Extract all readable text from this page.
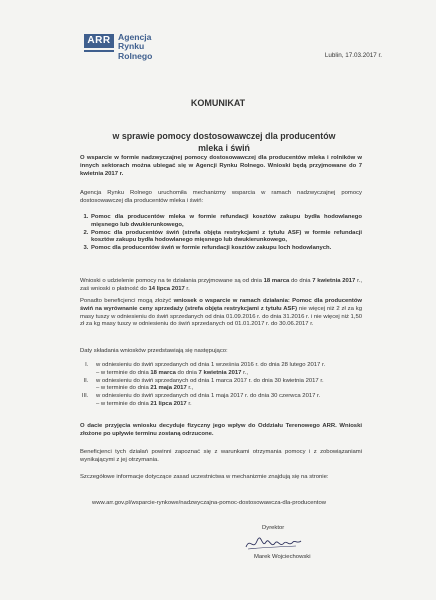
ARR Agencja
Rynku
Rolnego	Lublin, 17.03.2017 r.
KOMUNIKAT
w sprawie pomocy dostosowawczej dla producentów mleka i świń
O wsparcie w formie nadzwyczajnej pomocy dostosowawczej dla producentów mleka i rolników w innych sektorach można ubiegać się w Agencji Rynku Rolnego. Wnioski będą przyjmowane do 7 kwietnia 2017 r.
Agencja Rynku Rolnego uruchomiła mechanizmy wsparcia w ramach nadzwyczajnej pomocy dostosowawczej dla producentów mleka i świń:
1. Pomoc dla producentów mleka w formie refundacji kosztów zakupu bydła hodowlanego mięsnego lub dwukierunkowego,
2. Pomoc dla producentów świń (strefa objęta restrykcjami z tytułu ASF) w formie refundacji kosztów zakupu bydła hodowlanego mięsnego lub dwukierunkowego,
3. Pomoc dla producentów świń w formie refundacji kosztów zakupu loch hodowlanych.
Wnioski o udzielenie pomocy na te działania przyjmowane są od dnia 18 marca do dnia 7 kwietnia 2017 r., zaś wnioski o płatność do 14 lipca 2017 r.
Ponadto beneficjenci mogą złożyć wniosek o wsparcie w ramach działania: Pomoc dla producentów świń na wyrównanie ceny sprzedaży (strefa objęta restrykcjami z tytułu ASF) nie więcej niż 2 zł za kg masy tuszy w odniesieniu do świń sprzedanych od dnia 01.09.2016 r. do dnia 31.2016 r. i nie więcej niż 1,50 zł za kg masy tuszy w odniesieniu do świń sprzedanych od 01.01.2017 r. do 30.06.2017 r.
Daty składania wniosków przedstawiają się następująco:
I. w odniesieniu do świń sprzedanych od dnia 1 września 2016 r. do dnia 28 lutego 2017 r.
– w terminie do dnia 18 marca do dnia 7 kwietnia 2017 r.,
II. w odniesieniu do świń sprzedanych od dnia 1 marca 2017 r. do dnia 30 kwietnia 2017 r.
– w terminie do dnia 21 maja 2017 r.,
III. w odniesieniu do świń sprzedanych od dnia 1 maja 2017 r. do dnia 30 czerwca 2017 r.
– w terminie do dnia 21 lipca 2017 r.
O dacie przyjęcia wniosku decyduje fizyczny jego wpływ do Oddziału Terenowego ARR. Wnioski złożone po upływie terminu zostaną odrzucone.
Beneficjenci tych działań powinni zapoznać się z warunkami otrzymania pomocy i z zobowiązaniami wynikającymi z jej otrzymania.
Szczegółowe informacje dotyczące zasad uczestnictwa w mechanizmie znajdują się na stronie:
www.arr.gov.pl/wsparcie-rynkowe/nadzwyczajna-pomoc-dostosowawcza-dla-producentow
Dyrektor
Marek Wojciechowski
